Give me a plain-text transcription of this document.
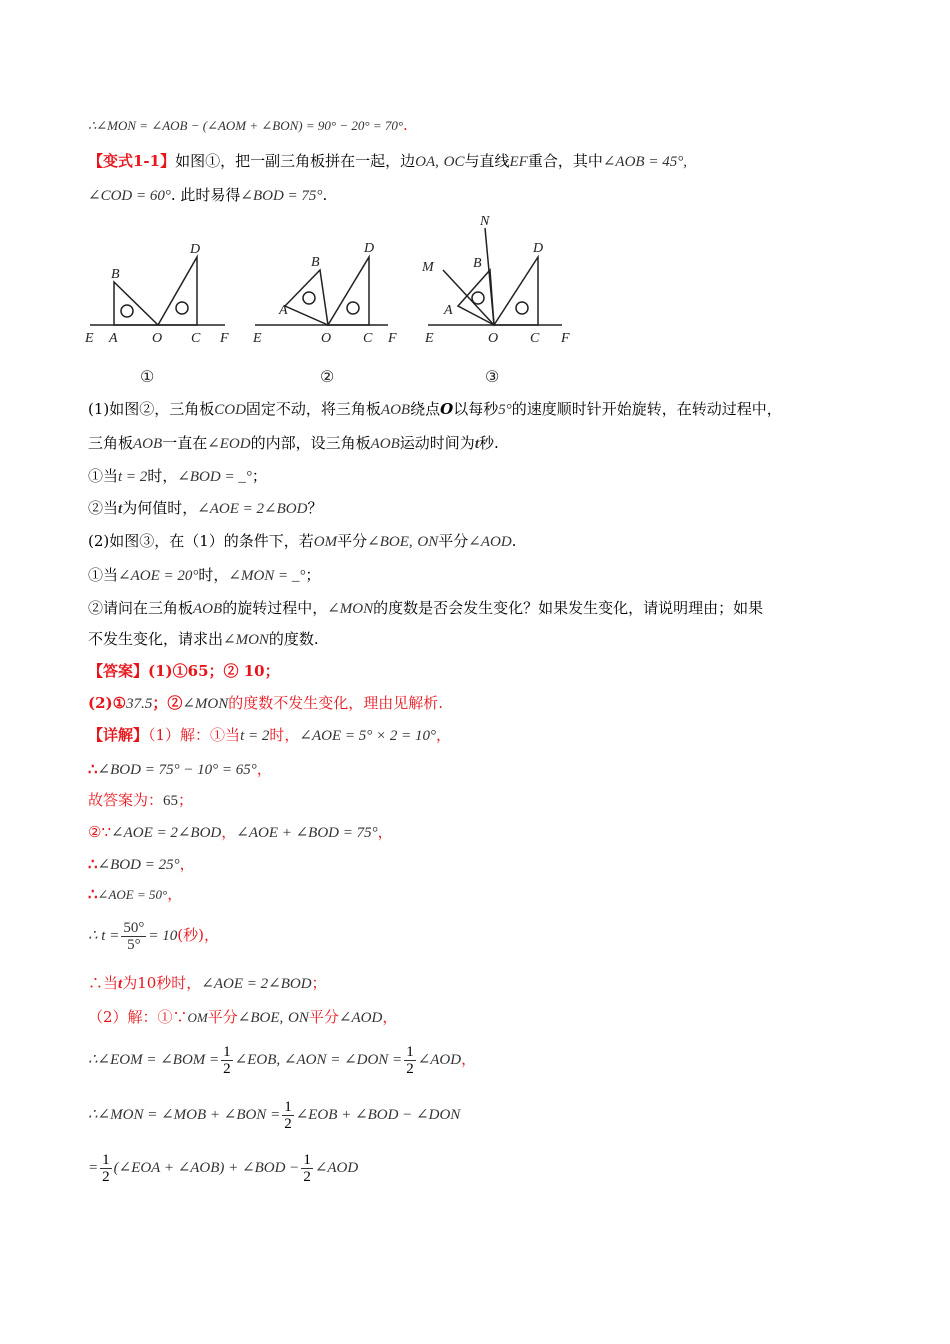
∴∠MON = ∠AOB − (∠AOM + ∠BON) = 90° − 20° = 70°.
【变式1-1】如图①，把一副三角板拼在一起，边OA, OC与直线EF重合，其中∠AOB = 45°,
∠COD = 60°. 此时易得∠BOD = 75°.
E A O C F
B
D
①
E	O C F
A
B
D
②
E	O C F
A
B
D
M
N
③
(1)如图②，三角板COD固定不动，将三角板AOB绕点O以每秒5°的速度顺时针开始旋转，在转动过程中，
三角板AOB一直在∠EOD的内部，设三角板AOB运动时间为t秒.
①当t = 2时，∠BOD = _°；
②当t为何值时，∠AOE = 2∠BOD？
(2)如图③，在（1）的条件下，若OM平分∠BOE, ON平分∠AOD.
①当∠AOE = 20°时，∠MON = _°；
②请问在三角板AOB的旋转过程中，∠MON的度数是否会发生变化？如果发生变化，请说明理由；如果
不发生变化，请求出∠MON的度数.
【答案】(1)①65；② 10；
(2)①37.5；②∠MON的度数不发生变化，理由见解析.
【详解】（1）解：①当t = 2时，∠AOE = 5° × 2 = 10°，
∴∠BOD = 75° − 10° = 65°，
故答案为：65；
②∵∠AOE = 2∠BOD，∠AOE + ∠BOD = 75°，
∴∠BOD = 25°，
∴∠AOE = 50°，
∴ $t = \frac{50^\circ}{5^\circ} = 10$(秒)，
∴当t为10秒时，∠AOE = 2∠BOD；
（2）解：①∵OM平分∠BOE, ON平分∠AOD，
∴∠EOM = ∠BOM = $\frac{1}{2}$ ∠EOB, ∠AON = ∠DON = $\frac{1}{2}$ ∠AOD，
∴∠MON = ∠MOB + ∠BON = $\frac{1}{2}$ ∠EOB + ∠BOD − ∠DON
= $\frac{1}{2}$ (∠EOA + ∠AOB) + ∠BOD − $\frac{1}{2}$ ∠AOD
